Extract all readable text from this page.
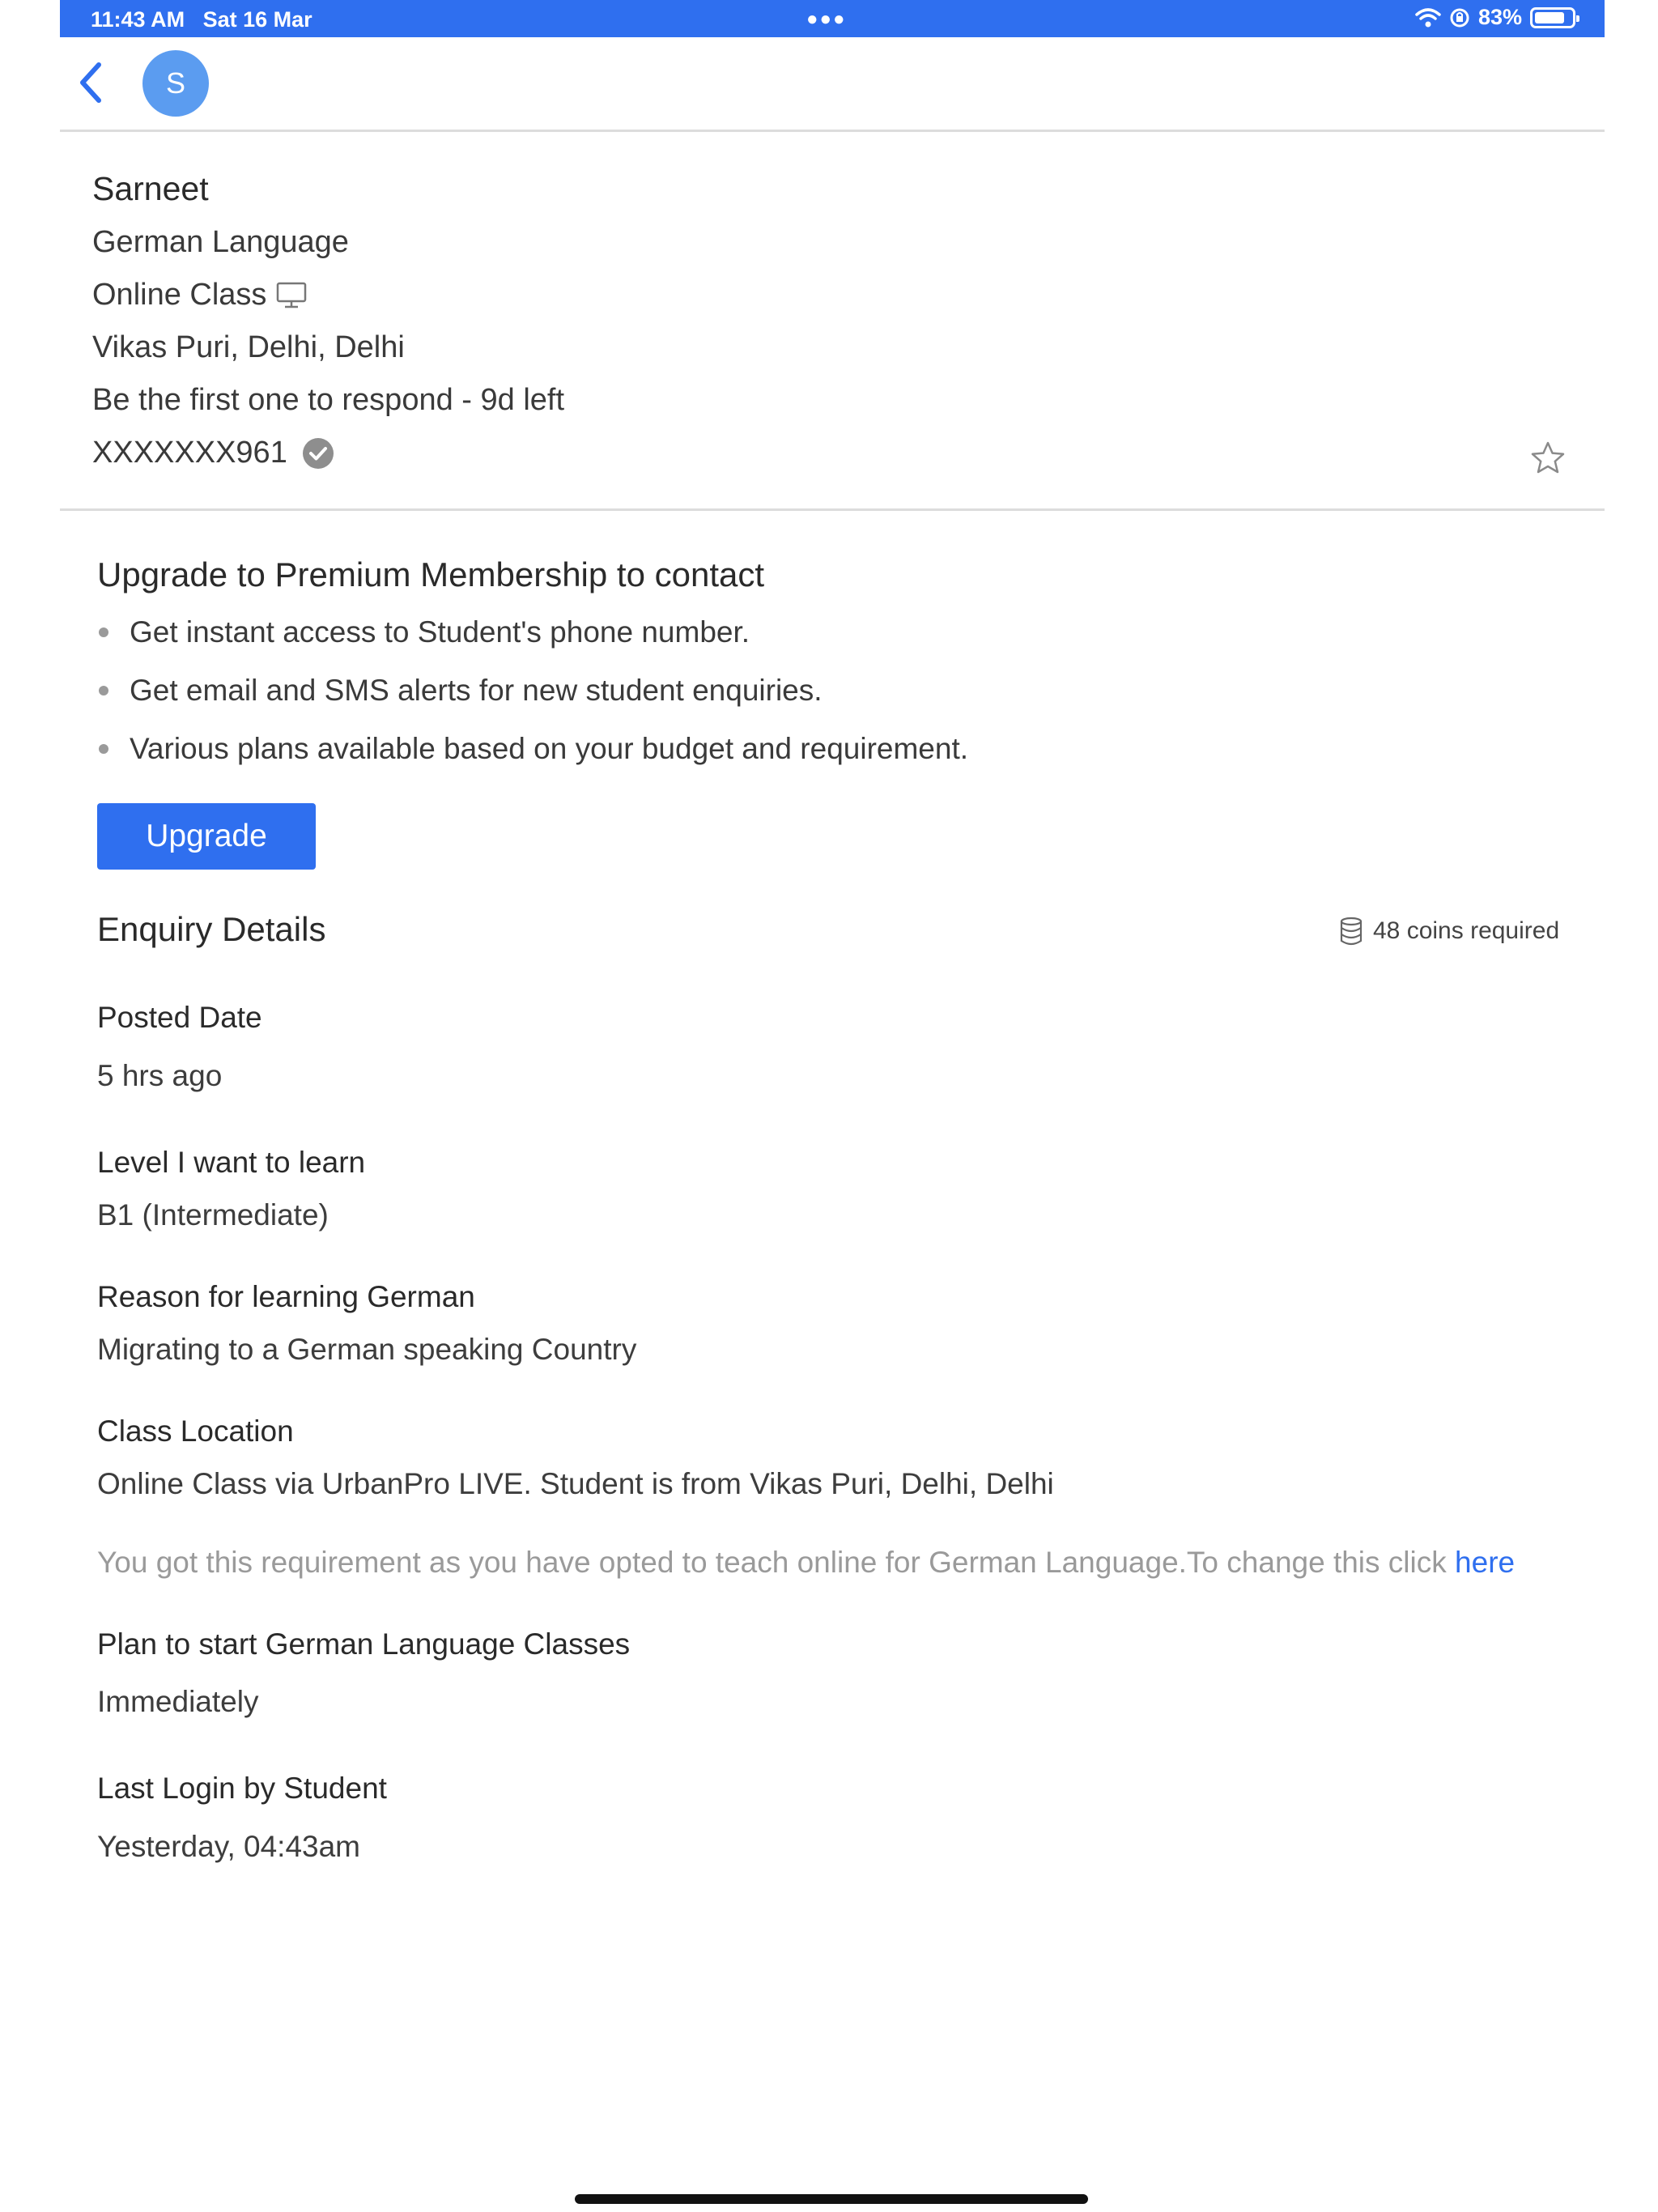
11:43 AM Sat 16 Mar	●●●	83%
S
Sarneet
German Language
Online Class
Vikas Puri, Delhi, Delhi
Be the first one to respond - 9d left
XXXXXXX961
Upgrade to Premium Membership to contact
Get instant access to Student's phone number.
Get email and SMS alerts for new student enquiries.
Various plans available based on your budget and requirement.
Upgrade
Enquiry Details	48 coins required
Posted Date
5 hrs ago
Level I want to learn
B1 (Intermediate)
Reason for learning German
Migrating to a German speaking Country
Class Location
Online Class via UrbanPro LIVE. Student is from Vikas Puri, Delhi, Delhi
You got this requirement as you have opted to teach online for German Language.To change this click here
Plan to start German Language Classes
Immediately
Last Login by Student
Yesterday, 04:43am
